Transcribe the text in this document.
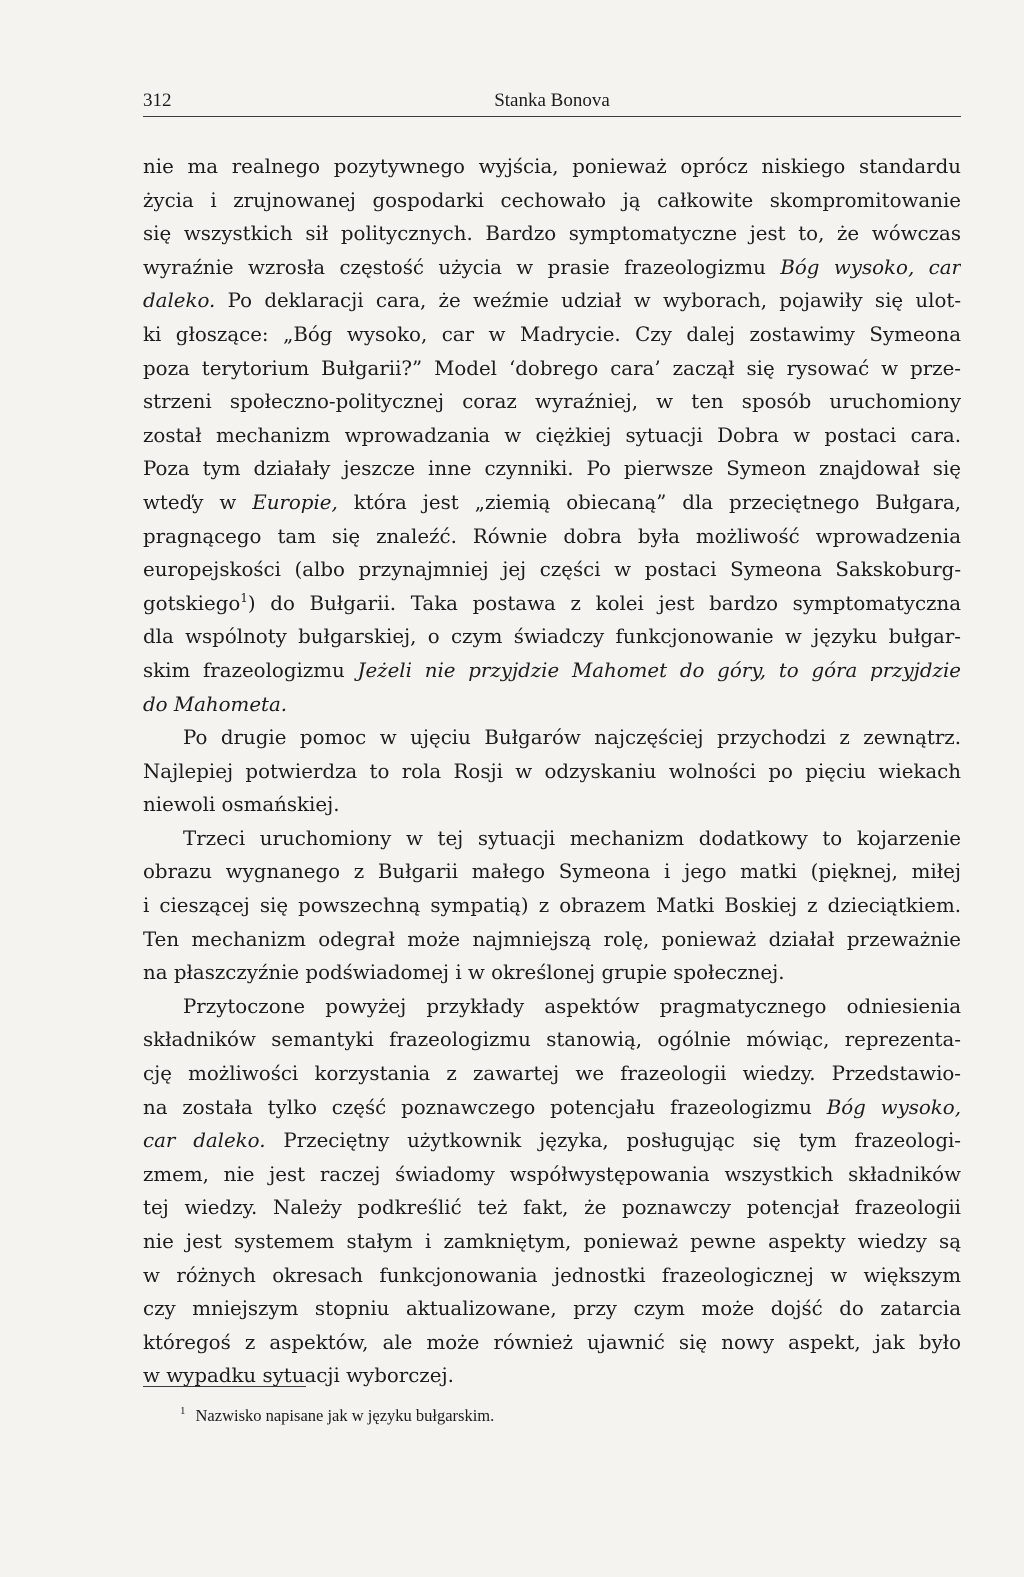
312	Stanka Bonova
nie ma realnego pozytywnego wyjścia, ponieważ oprócz niskiego standardu
życia i zrujnowanej gospodarki cechowało ją całkowite skompromitowanie
się wszystkich sił politycznych. Bardzo symptomatyczne jest to, że wówczas
wyraźnie wzrosła częstość użycia w prasie frazeologizmu Bóg wysoko, car
daleko. Po deklaracji cara, że weźmie udział w wyborach, pojawiły się ulot-
ki głoszące: „Bóg wysoko, car w Madrycie. Czy dalej zostawimy Symeona
poza terytorium Bułgarii?” Model ‘dobrego cara’ zaczął się rysować w prze-
strzeni społeczno-politycznej coraz wyraźniej, w ten sposób uruchomiony
został mechanizm wprowadzania w ciężkiej sytuacji Dobra w postaci cara.
Poza tym działały jeszcze inne czynniki. Po pierwsze Symeon znajdował się
wteďy w Europie, która jest „ziemią obiecaną” dla przeciętnego Bułgara,
pragnącego tam się znaleźć. Równie dobra była możliwość wprowadzenia
europejskości (albo przynajmniej jej części w postaci Symeona Sakskoburg-
gotskiego$^1$) do Bułgarii. Taka postawa z kolei jest bardzo symptomatyczna
dla wspólnoty bułgarskiej, o czym świadczy funkcjonowanie w języku bułgar-
skim frazeologizmu Jeżeli nie przyjdzie Mahomet do góry, to góra przyjdzie
do Mahometa.
Po drugie pomoc w ujęciu Bułgarów najczęściej przychodzi z zewnątrz.
Najlepiej potwierdza to rola Rosji w odzyskaniu wolności po pięciu wiekach
niewoli osmańskiej.
Trzeci uruchomiony w tej sytuacji mechanizm dodatkowy to kojarzenie
obrazu wygnanego z Bułgarii małego Symeona i jego matki (pięknej, miłej
i cieszącej się powszechną sympatią) z obrazem Matki Boskiej z dzieciątkiem.
Ten mechanizm odegrał może najmniejszą rolę, ponieważ działał przeważnie
na płaszczyźnie podświadomej i w określonej grupie społecznej.
Przytoczone powyżej przykłady aspektów pragmatycznego odniesienia
składników semantyki frazeologizmu stanowią, ogólnie mówiąc, reprezenta-
cję możliwości korzystania z zawartej we frazeologii wiedzy. Przedstawio-
na została tylko część poznawczego potencjału frazeologizmu Bóg wysoko,
car daleko. Przeciętny użytkownik języka, posługując się tym frazeologi-
zmem, nie jest raczej świadomy współwystępowania wszystkich składników
tej wiedzy. Należy podkreślić też fakt, że poznawczy potencjał frazeologii
nie jest systemem stałym i zamkniętym, ponieważ pewne aspekty wiedzy są
w różnych okresach funkcjonowania jednostki frazeologicznej w większym
czy mniejszym stopniu aktualizowane, przy czym może dojść do zatarcia
któregoś z aspektów, ale może również ujawnić się nowy aspekt, jak było
w wypadku sytuacji wyborczej.
$^1$ Nazwisko napisane jak w języku bułgarskim.
